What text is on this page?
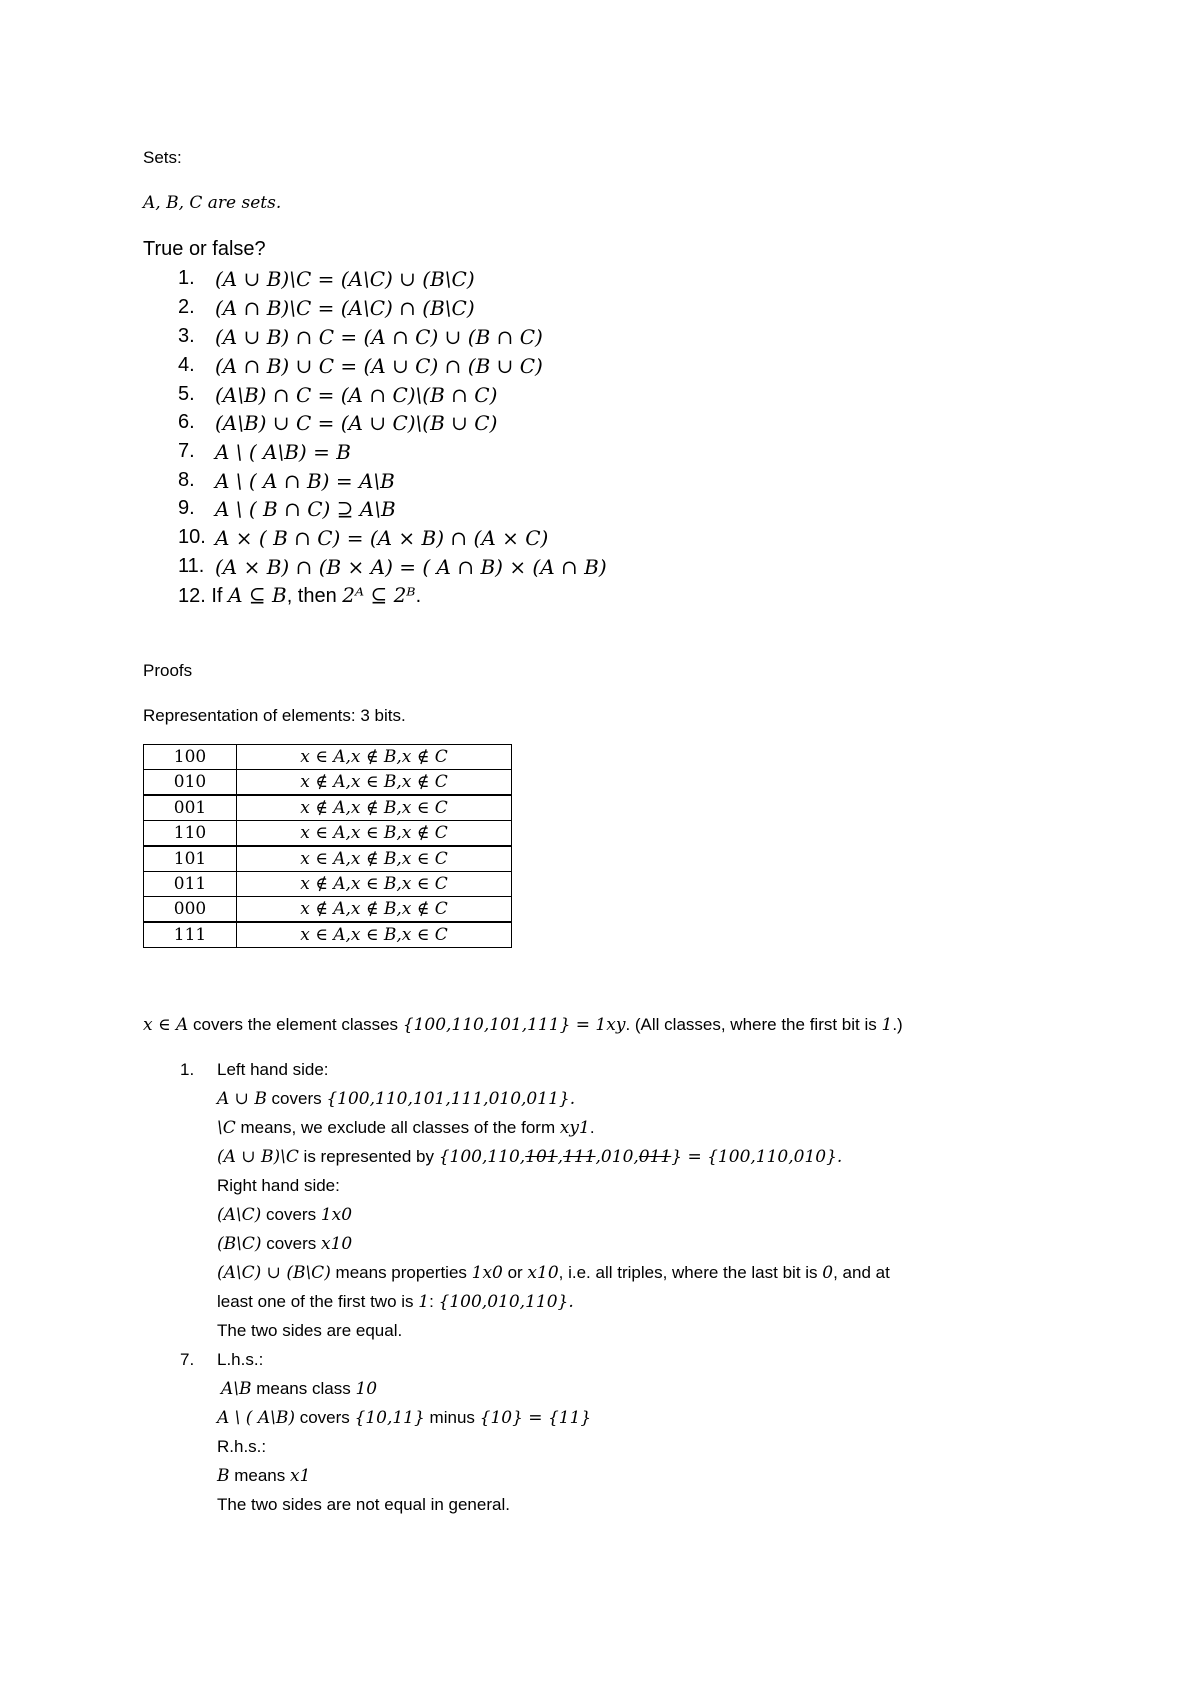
Sets:
A, B, C are sets.
True or false?
1.	(A ∪ B)\C = (A\C) ∪ (B\C)
2.	(A ∩ B)\C = (A\C) ∩ (B\C)
3.	(A ∪ B) ∩ C = (A ∩ C) ∪ (B ∩ C)
4.	(A ∩ B) ∪ C = (A ∪ C) ∩ (B ∪ C)
5.	(A\B) ∩ C = (A ∩ C)\(B ∩ C)
6.	(A\B) ∪ C = (A ∪ C)\(B ∪ C)
7.	A \ ( A\B) = B
8.	A \ ( A ∩ B) = A\B
9.	A \ ( B ∩ C) ⊇ A\B
10. A × ( B ∩ C) = (A × B) ∩ (A × C)
11. (A × B) ∩ (B × A) = ( A ∩ B) × (A ∩ B)
12. If A ⊆ B, then 2ᴬ ⊆ 2ᴮ.
Proofs
Representation of elements: 3 bits.
100	x ∈ A,x ∉ B,x ∉ C
010	x ∉ A,x ∈ B,x ∉ C
001	x ∉ A,x ∉ B,x ∈ C
110	x ∈ A,x ∈ B,x ∉ C
101	x ∈ A,x ∉ B,x ∈ C
011	x ∉ A,x ∈ B,x ∈ C
000	x ∉ A,x ∉ B,x ∉ C
111	x ∈ A,x ∈ B,x ∈ C
x ∈ A covers the element classes {100,110,101,111} = 1xy. (All classes, where the first bit is 1.)
1. Left hand side:
A ∪ B covers {100,110,101,111,010,011}.
\C means, we exclude all classes of the form xy1.
(A ∪ B)\C is represented by {100,110,101,111,010,011} = {100,110,010}.
Right hand side:
(A\C) covers 1x0
(B\C) covers x10
(A\C) ∪ (B\C) means properties 1x0 or x10, i.e. all triples, where the last bit is 0, and at
least one of the first two is 1: {100,010,110}.
The two sides are equal.
7. L.h.s.:
A\B means class 10
A \ ( A\B) covers {10,11} minus {10} = {11}
R.h.s.:
B means x1
The two sides are not equal in general.
